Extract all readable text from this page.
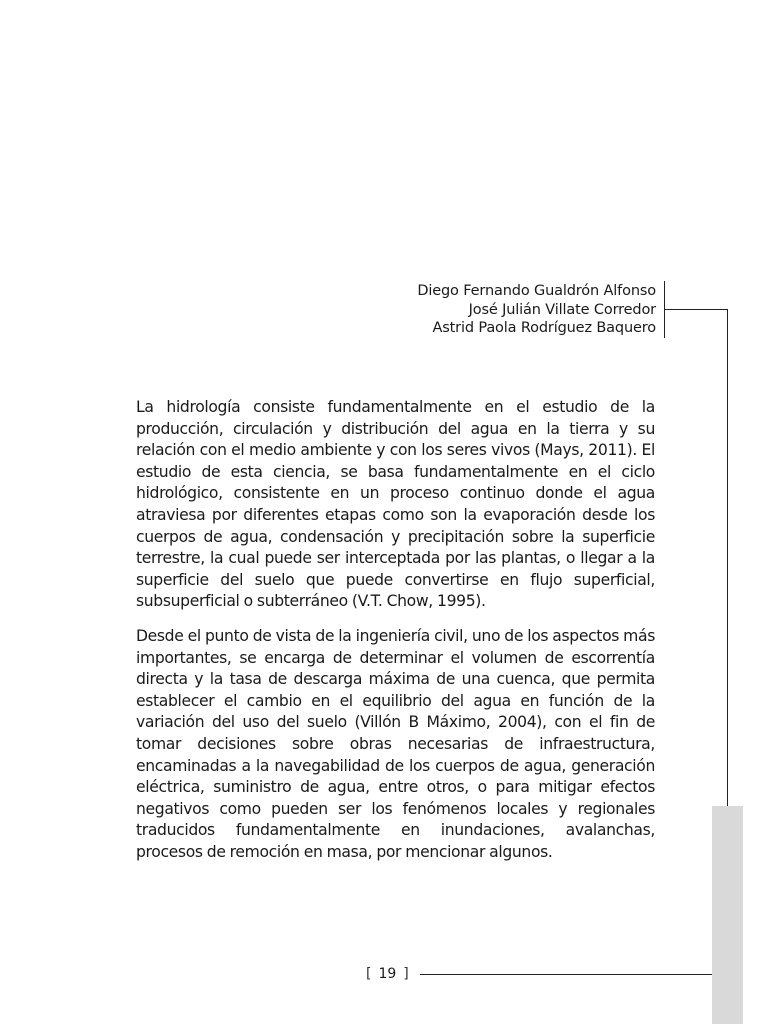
Diego Fernando Gualdrón Alfonso
José Julián Villate Corredor
Astrid Paola Rodríguez Baquero

La hidrología consiste fundamentalmente en el estudio de la producción, circulación y distribución del agua en la tierra y su relación con el medio ambiente y con los seres vivos (Mays, 2011). El estudio de esta ciencia, se basa fundamentalmente en el ciclo hidrológico, consistente en un proceso continuo donde el agua atraviesa por diferentes etapas como son la evaporación desde los cuerpos de agua, condensación y precipitación sobre la superficie terrestre, la cual puede ser interceptada por las plantas, o llegar a la superficie del suelo que puede convertirse en flujo superficial, subsuperficial o subterráneo (V.T. Chow, 1995).

Desde el punto de vista de la ingeniería civil, uno de los aspectos más importantes, se encarga de determinar el volumen de escorrentía directa y la tasa de descarga máxima de una cuenca, que permita establecer el cambio en el equilibrio del agua en función de la variación del uso del suelo (Villón B Máximo, 2004), con el fin de tomar decisiones sobre obras necesarias de infraestructura, encaminadas a la navegabilidad de los cuerpos de agua, generación eléctrica, suministro de agua, entre otros, o para mitigar efectos negativos como pueden ser los fenómenos locales y regionales traducidos fundamentalmente en inundaciones, avalanchas, procesos de remoción en masa, por mencionar algunos.

[ 19 ]
